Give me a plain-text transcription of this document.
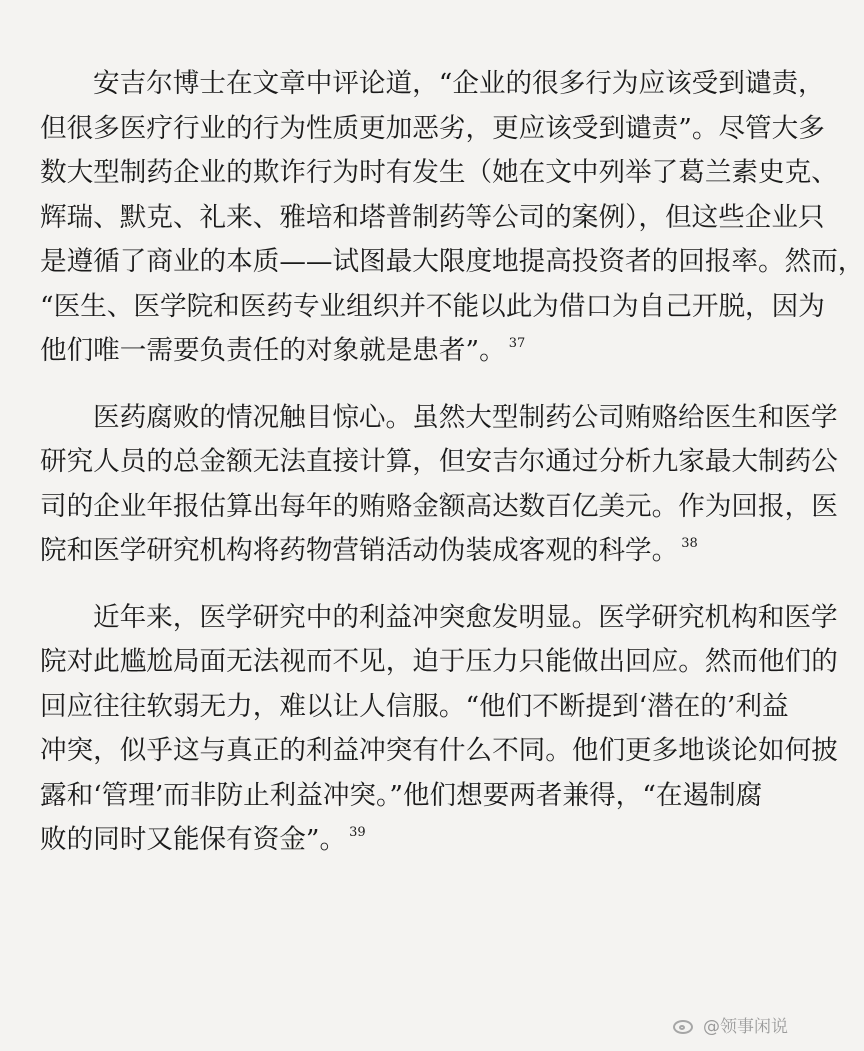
安吉尔博士在文章中评论道，“企业的很多行为应该受到谴责，
但很多医疗行业的行为性质更加恶劣，更应该受到谴责”。尽管大多
数大型制药企业的欺诈行为时有发生（她在文中列举了葛兰素史克、
辉瑞、默克、礼来、雅培和塔普制药等公司的案例），但这些企业只
是遵循了商业的本质——试图最大限度地提高投资者的回报率。然而，
“医生、医学院和医药专业组织并不能以此为借口为自己开脱，因为
他们唯一需要负责任的对象就是患者”。 $^{37}$

医药腐败的情况触目惊心。虽然大型制药公司贿赂给医生和医学
研究人员的总金额无法直接计算，但安吉尔通过分析九家最大制药公
司的企业年报估算出每年的贿赂金额高达数百亿美元。作为回报，医
院和医学研究机构将药物营销活动伪装成客观的科学。 $^{38}$

近年来，医学研究中的利益冲突愈发明显。医学研究机构和医学
院对此尴尬局面无法视而不见，迫于压力只能做出回应。然而他们的
回应往往软弱无力，难以让人信服。“他们不断提到‘潜在的’利益
冲突，似乎这与真正的利益冲突有什么不同。他们更多地谈论如何披
露和‘管理’而非防止利益冲突。”他们想要两者兼得，“在遏制腐
败的同时又能保有资金”。 $^{39}$

@领事闲说
